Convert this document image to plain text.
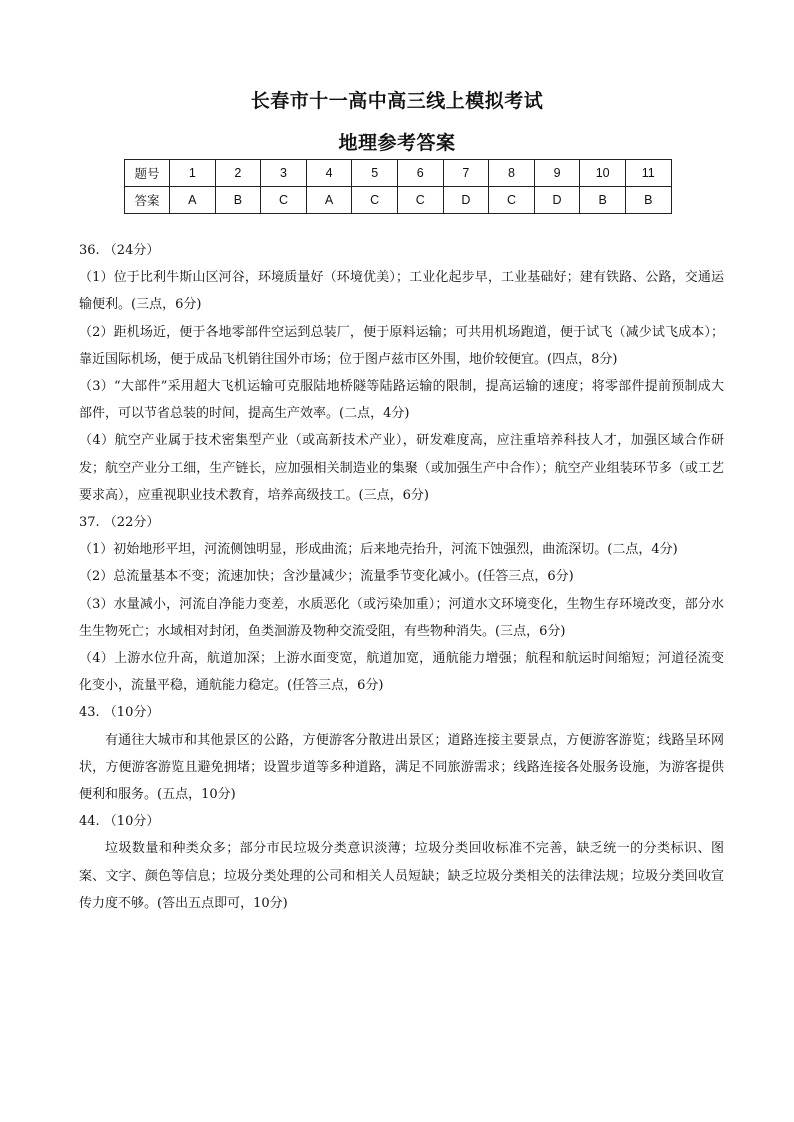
长春市十一高中高三线上模拟考试
地理参考答案
题号	1	2	3	4	5	6	7	8	9	10	11
答案	A	B	C	A	C	C	D	C	D	B	B

36. （24分）

（1）位于比利牛斯山区河谷，环境质量好（环境优美）；工业化起步早，工业基础好；建有铁路、公路，交通运输便利。(三点，6分)

（2）距机场近，便于各地零部件空运到总装厂，便于原料运输；可共用机场跑道，便于试飞（减少试飞成本）；靠近国际机场，便于成品飞机销往国外市场；位于图卢兹市区外围，地价较便宜。(四点，8分)

（3）“大部件”采用超大飞机运输可克服陆地桥隧等陆路运输的限制，提高运输的速度；将零部件提前预制成大部件，可以节省总装的时间，提高生产效率。(二点，4分)

（4）航空产业属于技术密集型产业（或高新技术产业），研发难度高，应注重培养科技人才，加强区域合作研发；航空产业分工细，生产链长，应加强相关制造业的集聚（或加强生产中合作）；航空产业组装环节多（或工艺要求高），应重视职业技术教育，培养高级技工。(三点，6分)

37. （22分）

（1）初始地形平坦，河流侧蚀明显，形成曲流；后来地壳抬升，河流下蚀强烈，曲流深切。(二点，4分)

（2）总流量基本不变；流速加快；含沙量减少；流量季节变化减小。(任答三点，6分)

（3）水量减小，河流自净能力变差，水质恶化（或污染加重）；河道水文环境变化，生物生存环境改变，部分水生生物死亡；水域相对封闭，鱼类洄游及物种交流受阻，有些物种消失。(三点，6分)

（4）上游水位升高，航道加深；上游水面变宽，航道加宽，通航能力增强；航程和航运时间缩短；河道径流变化变小，流量平稳，通航能力稳定。(任答三点，6分)

43. （10分）

有通往大城市和其他景区的公路，方便游客分散进出景区；道路连接主要景点，方便游客游览；线路呈环网状，方便游客游览且避免拥堵；设置步道等多种道路，满足不同旅游需求；线路连接各处服务设施，为游客提供便利和服务。(五点，10分)

44. （10分）

垃圾数量和种类众多；部分市民垃圾分类意识淡薄；垃圾分类回收标准不完善，缺乏统一的分类标识、图案、文字、颜色等信息；垃圾分类处理的公司和相关人员短缺；缺乏垃圾分类相关的法律法规；垃圾分类回收宣传力度不够。(答出五点即可，10分)
